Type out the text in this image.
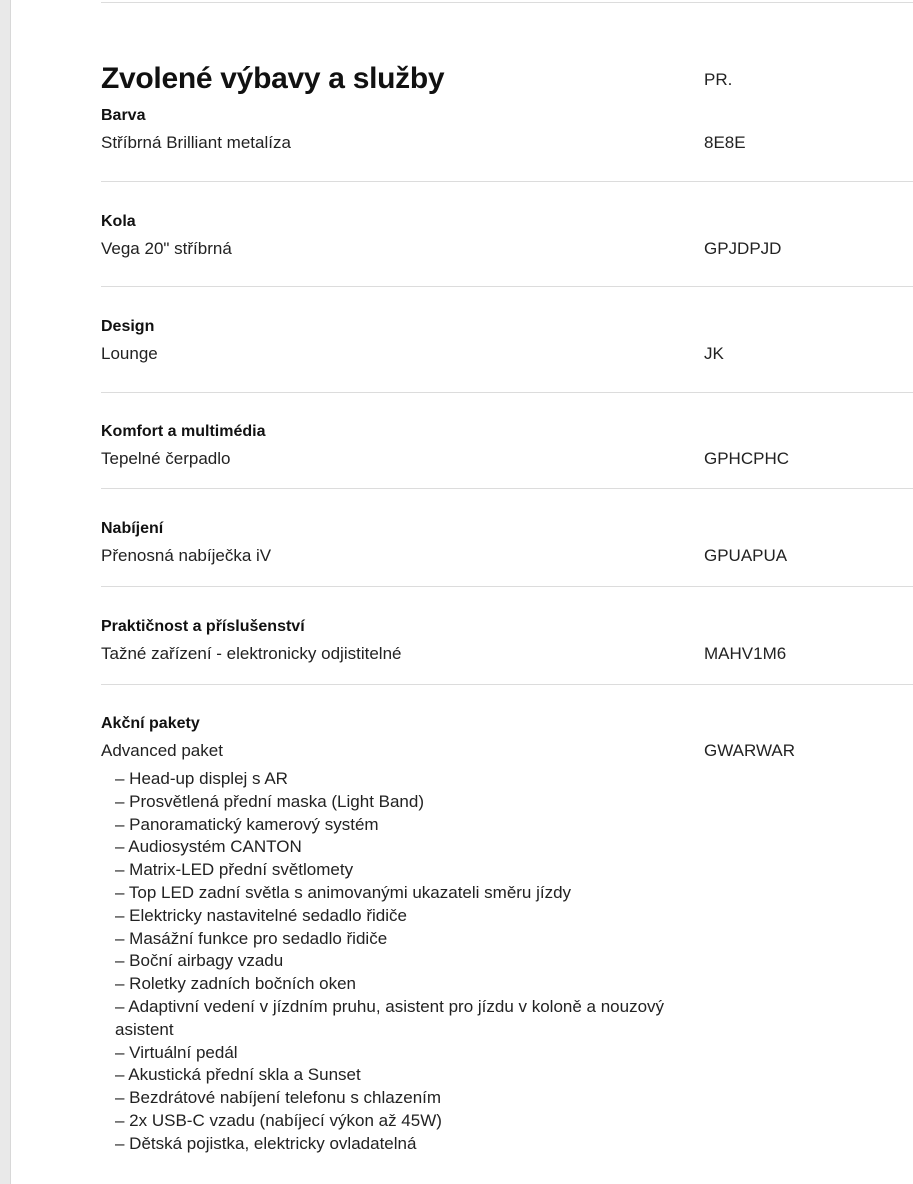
Zvolené výbavy a služby	PR.
Barva
Stříbrná Brilliant metalíza	8E8E
Kola
Vega 20" stříbrná	GPJDPJD
Design
Lounge	JK
Komfort a multimédia
Tepelné čerpadlo	GPHCPHC
Nabíjení
Přenosná nabíječka iV	GPUAPUA
Praktičnost a příslušenství
Tažné zařízení - elektronicky odjistitelné	MAHV1M6
Akční pakety
Advanced paket	GWARWAR
– Head-up displej s AR
– Prosvětlená přední maska (Light Band)
– Panoramatický kamerový systém
– Audiosystém CANTON
– Matrix-LED přední světlomety
– Top LED zadní světla s animovanými ukazateli směru jízdy
– Elektricky nastavitelné sedadlo řidiče
– Masážní funkce pro sedadlo řidiče
– Boční airbagy vzadu
– Roletky zadních bočních oken
– Adaptivní vedení v jízdním pruhu, asistent pro jízdu v koloně a nouzový asistent
– Virtuální pedál
– Akustická přední skla a Sunset
– Bezdrátové nabíjení telefonu s chlazením
– 2x USB-C vzadu (nabíjecí výkon až 45W)
– Dětská pojistka, elektricky ovladatelná
